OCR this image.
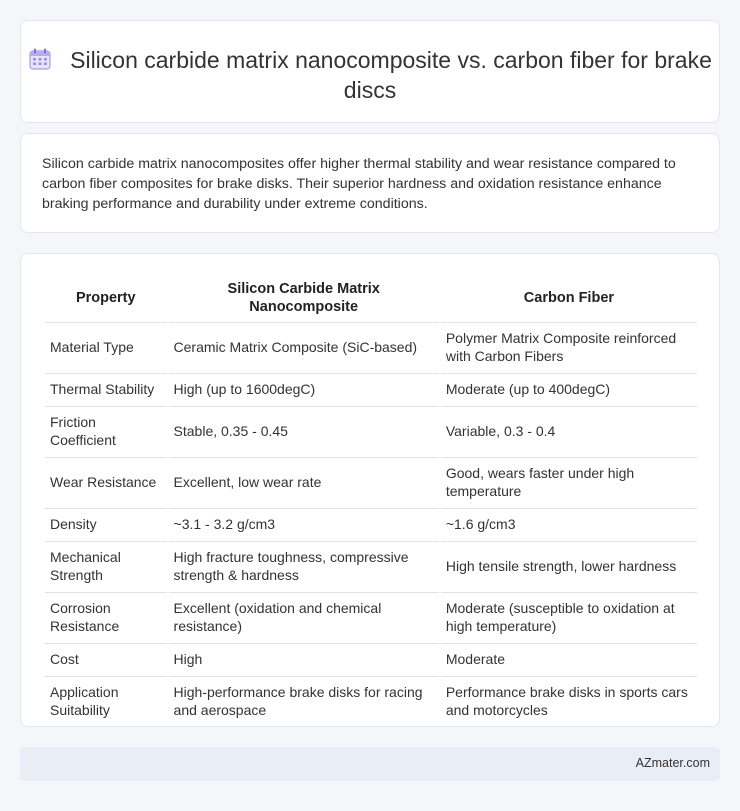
Silicon carbide matrix nanocomposite vs. carbon fiber for brake discs

Silicon carbide matrix nanocomposites offer higher thermal stability and wear resistance compared to carbon fiber composites for brake disks. Their superior hardness and oxidation resistance enhance braking performance and durability under extreme conditions.

Property	Silicon Carbide Matrix Nanocomposite	Carbon Fiber
Material Type	Ceramic Matrix Composite (SiC-based)	Polymer Matrix Composite reinforced with Carbon Fibers
Thermal Stability	High (up to 1600degC)	Moderate (up to 400degC)
Friction Coefficient	Stable, 0.35 - 0.45	Variable, 0.3 - 0.4
Wear Resistance	Excellent, low wear rate	Good, wears faster under high temperature
Density	~3.1 - 3.2 g/cm3	~1.6 g/cm3
Mechanical Strength	High fracture toughness, compressive strength & hardness	High tensile strength, lower hardness
Corrosion Resistance	Excellent (oxidation and chemical resistance)	Moderate (susceptible to oxidation at high temperature)
Cost	High	Moderate
Application Suitability	High-performance brake disks for racing and aerospace	Performance brake disks in sports cars and motorcycles
AZmater.com
